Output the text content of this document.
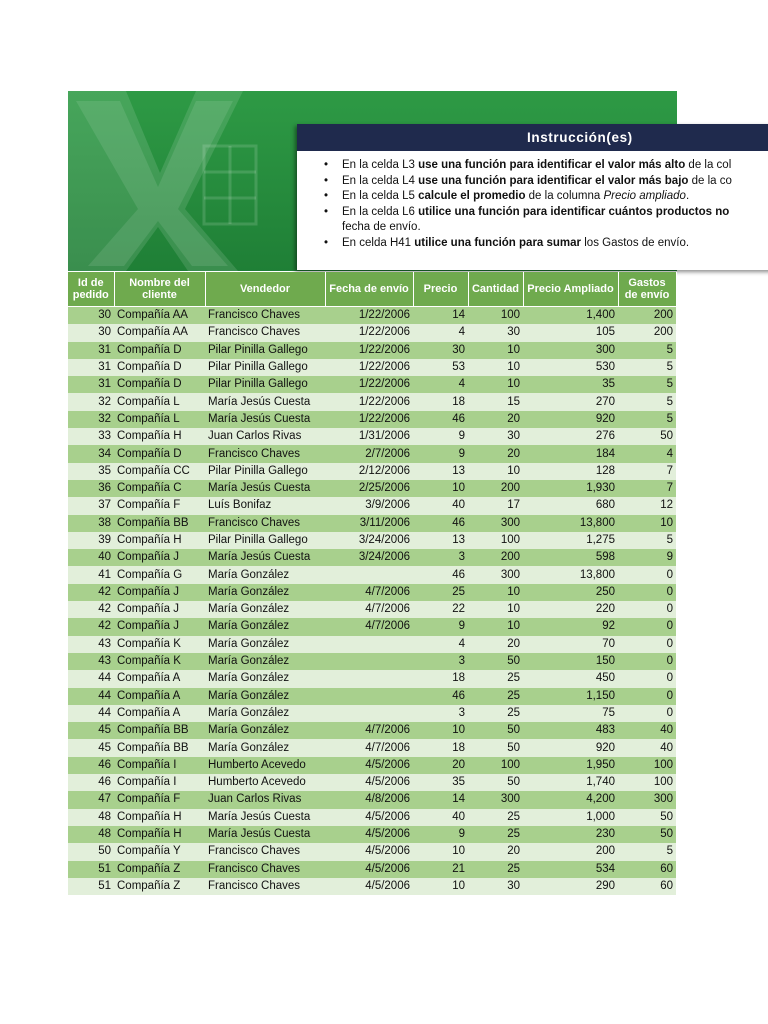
Instrucción(es)
• En la celda L3 use una función para identificar el valor más alto de la col
• En la celda L4 use una función para identificar el valor más bajo de la co
• En la celda L5 calcule el promedio de la columna Precio ampliado.
• En la celda L6 utilice una función para identificar cuántos productos no
fecha de envío.
• En celda H41 utilice una función para sumar los Gastos de envío.
Id de pedido	Nombre del cliente	Vendedor	Fecha de envío	Precio	Cantidad	Precio Ampliado	Gastos de envío
30	Compañía AA	Francisco Chaves	1/22/2006	14	100	1,400	200
30	Compañía AA	Francisco Chaves	1/22/2006	4	30	105	200
31	Compañía D	Pilar Pinilla Gallego	1/22/2006	30	10	300	5
31	Compañía D	Pilar Pinilla Gallego	1/22/2006	53	10	530	5
31	Compañía D	Pilar Pinilla Gallego	1/22/2006	4	10	35	5
32	Compañía L	María Jesús Cuesta	1/22/2006	18	15	270	5
32	Compañía L	María Jesús Cuesta	1/22/2006	46	20	920	5
33	Compañía H	Juan Carlos Rivas	1/31/2006	9	30	276	50
34	Compañía D	Francisco Chaves	2/7/2006	9	20	184	4
35	Compañía CC	Pilar Pinilla Gallego	2/12/2006	13	10	128	7
36	Compañía C	María Jesús Cuesta	2/25/2006	10	200	1,930	7
37	Compañía F	Luís Bonifaz	3/9/2006	40	17	680	12
38	Compañía BB	Francisco Chaves	3/11/2006	46	300	13,800	10
39	Compañía H	Pilar Pinilla Gallego	3/24/2006	13	100	1,275	5
40	Compañía J	María Jesús Cuesta	3/24/2006	3	200	598	9
41	Compañía G	María González		46	300	13,800	0
42	Compañía J	María González	4/7/2006	25	10	250	0
42	Compañía J	María González	4/7/2006	22	10	220	0
42	Compañía J	María González	4/7/2006	9	10	92	0
43	Compañía K	María González		4	20	70	0
43	Compañía K	María González		3	50	150	0
44	Compañía A	María González		18	25	450	0
44	Compañía A	María González		46	25	1,150	0
44	Compañía A	María González		3	25	75	0
45	Compañía BB	María González	4/7/2006	10	50	483	40
45	Compañía BB	María González	4/7/2006	18	50	920	40
46	Compañía I	Humberto Acevedo	4/5/2006	20	100	1,950	100
46	Compañía I	Humberto Acevedo	4/5/2006	35	50	1,740	100
47	Compañía F	Juan Carlos Rivas	4/8/2006	14	300	4,200	300
48	Compañía H	María Jesús Cuesta	4/5/2006	40	25	1,000	50
48	Compañía H	María Jesús Cuesta	4/5/2006	9	25	230	50
50	Compañía Y	Francisco Chaves	4/5/2006	10	20	200	5
51	Compañía Z	Francisco Chaves	4/5/2006	21	25	534	60
51	Compañía Z	Francisco Chaves	4/5/2006	10	30	290	60
